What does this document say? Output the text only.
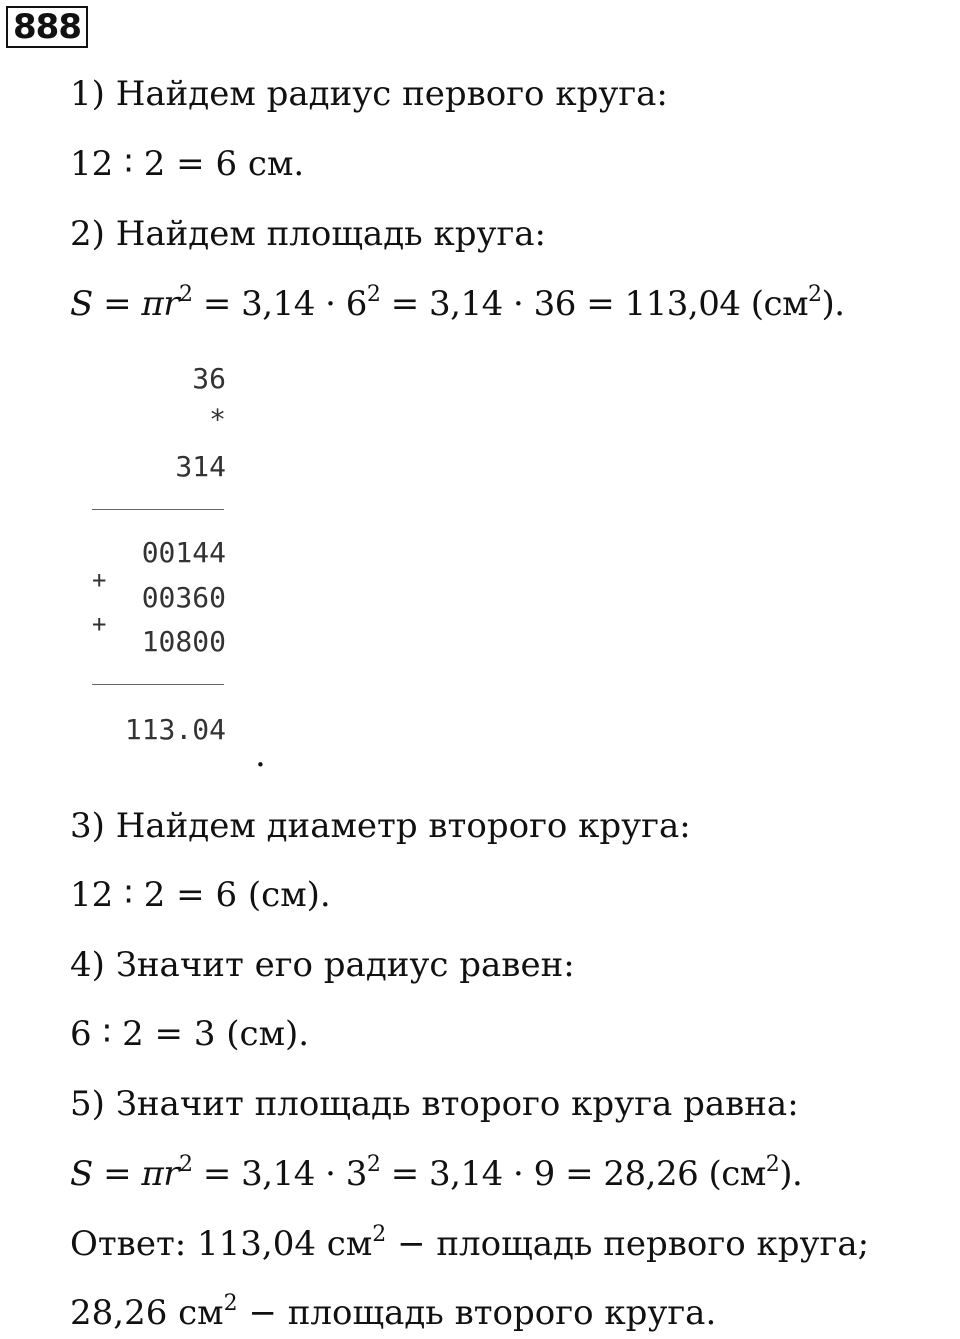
888
1) Найдем радиус первого круга:
12 ∶ 2 = 6 см.
2) Найдем площадь круга:
$S = \pi r^2 = 3,14 \cdot 6^2 = 3,14 \cdot 36 = 113,04$ $(см^2)$.
36
*
314
00144
+
00360
+
10800
113.04
.
3) Найдем диаметр второго круга:
12 ∶ 2 = 6 (см).
4) Значит его радиус равен:
6 ∶ 2 = 3 (см).
5) Значит площадь второго круга равна:
$S = \pi r^2 = 3,14 \cdot 3^2 = 3,14 \cdot 9 = 28,26$ $(см^2)$.
Ответ: 113,04 $см^2$ − площадь первого круга;
28,26 $см^2$ − площадь второго круга.
